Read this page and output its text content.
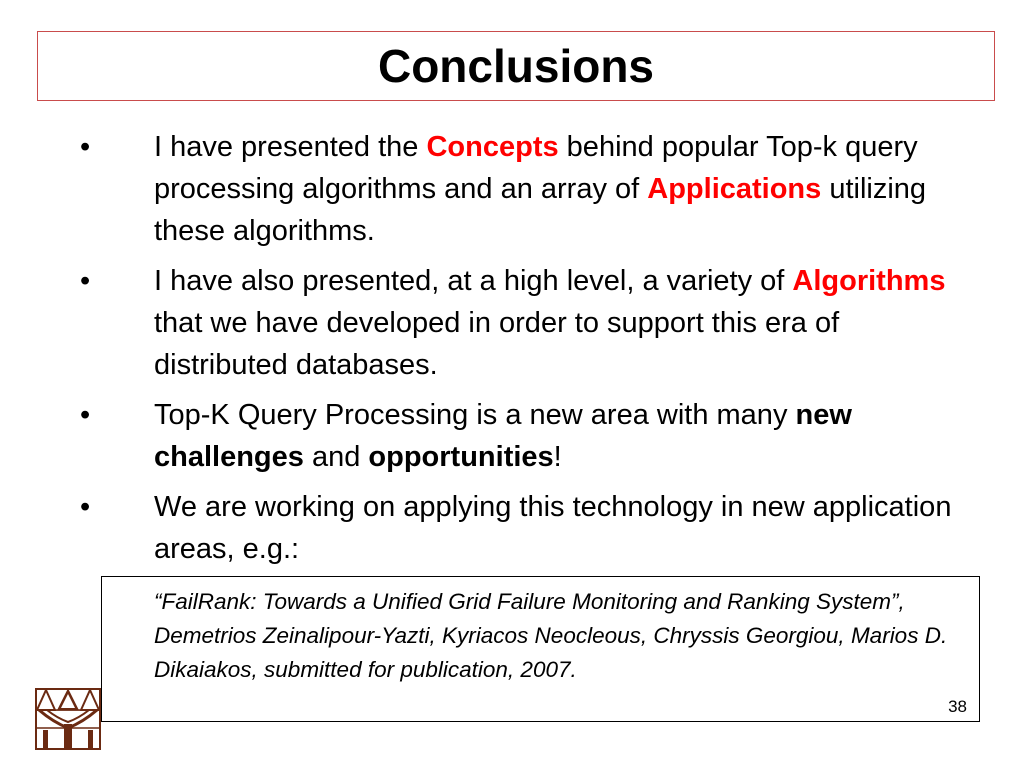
Conclusions
•	I have presented the Concepts behind popular Top-k query processing algorithms and an array of Applications utilizing these algorithms.
•	I have also presented, at a high level, a variety of Algorithms that we have developed in order to support this era of distributed databases.
•	Top-K Query Processing is a new area with many new challenges and opportunities!
•	We are working on applying this technology in new application areas, e.g.:

“FailRank: Towards a Unified Grid Failure Monitoring and Ranking System”, Demetrios Zeinalipour-Yazti, Kyriacos Neocleous, Chryssis Georgiou, Marios D. Dikaiakos, submitted for publication, 2007.

38
